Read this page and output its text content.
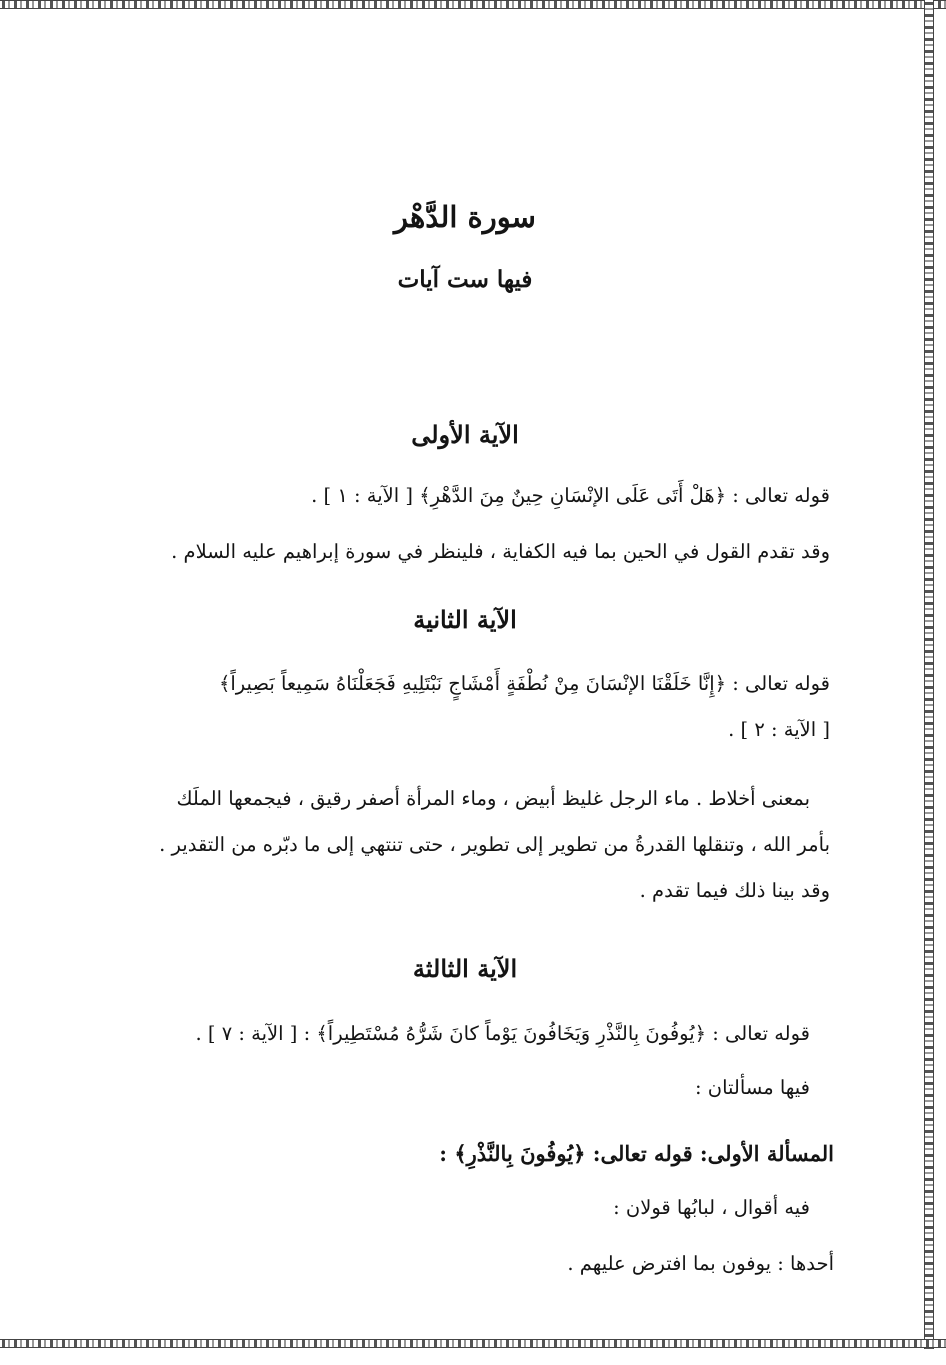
سورة الدَّهْر
فيها ست آيات
الآية الأولى
قوله تعالى : ﴿هَلْ أَتَى عَلَى الإنْسَانِ حِينٌ مِنَ الدَّهْرِ﴾ [ الآية : ١ ] .
وقد تقدم القول في الحين بما فيه الكفاية ، فلينظر في سورة إبراهيم عليه السلام .
الآية الثانية
قوله تعالى : ﴿إِنَّا خَلَقْنَا الإنْسَانَ مِنْ نُطْفَةٍ أَمْشَاجٍ نَبْتَلِيهِ فَجَعَلْنَاهُ سَمِيعاً بَصِيراً﴾
[ الآية : ٢ ] .
بمعنى أخلاط . ماء الرجل غليظ أبيض ، وماء المرأة أصفر رقيق ، فيجمعها الملَك
بأمر الله ، وتنقلها القدرةُ من تطوير إلى تطوير ، حتى تنتهي إلى ما دبّره من التقدير .
وقد بينا ذلك فيما تقدم .
الآية الثالثة
قوله تعالى : ﴿يُوفُونَ بِالنَّذْرِ وَيَخَافُونَ يَوْماً كانَ شَرُّهُ مُسْتَطِيراً﴾ : [ الآية : ٧ ] .
فيها مسألتان :
المسألة الأولى: قوله تعالى: ﴿يُوفُونَ بِالنَّذْرِ﴾ :
فيه أقوال ، لبابُها قولان :
أحدها : يوفون بما افترض عليهم .
